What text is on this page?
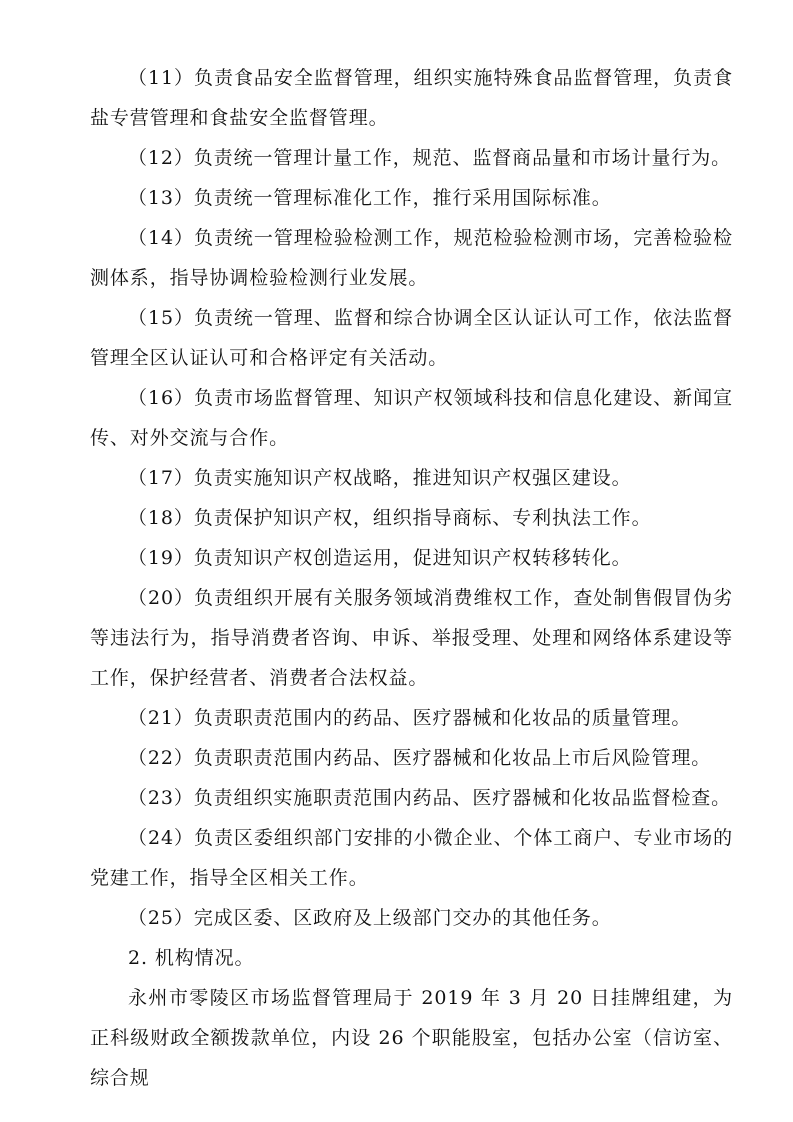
（11）负责食品安全监督管理，组织实施特殊食品监督管理，负责食盐专营管理和食盐安全监督管理。

（12）负责统一管理计量工作，规范、监督商品量和市场计量行为。

（13）负责统一管理标准化工作，推行采用国际标准。

（14）负责统一管理检验检测工作，规范检验检测市场，完善检验检测体系，指导协调检验检测行业发展。

（15）负责统一管理、监督和综合协调全区认证认可工作，依法监督管理全区认证认可和合格评定有关活动。

（16）负责市场监督管理、知识产权领域科技和信息化建设、新闻宣传、对外交流与合作。

（17）负责实施知识产权战略，推进知识产权强区建设。

（18）负责保护知识产权，组织指导商标、专利执法工作。

（19）负责知识产权创造运用，促进知识产权转移转化。

（20）负责组织开展有关服务领域消费维权工作，查处制售假冒伪劣等违法行为，指导消费者咨询、申诉、举报受理、处理和网络体系建设等工作，保护经营者、消费者合法权益。

（21）负责职责范围内的药品、医疗器械和化妆品的质量管理。

（22）负责职责范围内药品、医疗器械和化妆品上市后风险管理。

（23）负责组织实施职责范围内药品、医疗器械和化妆品监督检查。

（24）负责区委组织部门安排的小微企业、个体工商户、专业市场的党建工作，指导全区相关工作。

（25）完成区委、区政府及上级部门交办的其他任务。

2. 机构情况。

永州市零陵区市场监督管理局于 2019 年 3 月 20 日挂牌组建，为正科级财政全额拨款单位，内设 26 个职能股室，包括办公室（信访室、综合规
